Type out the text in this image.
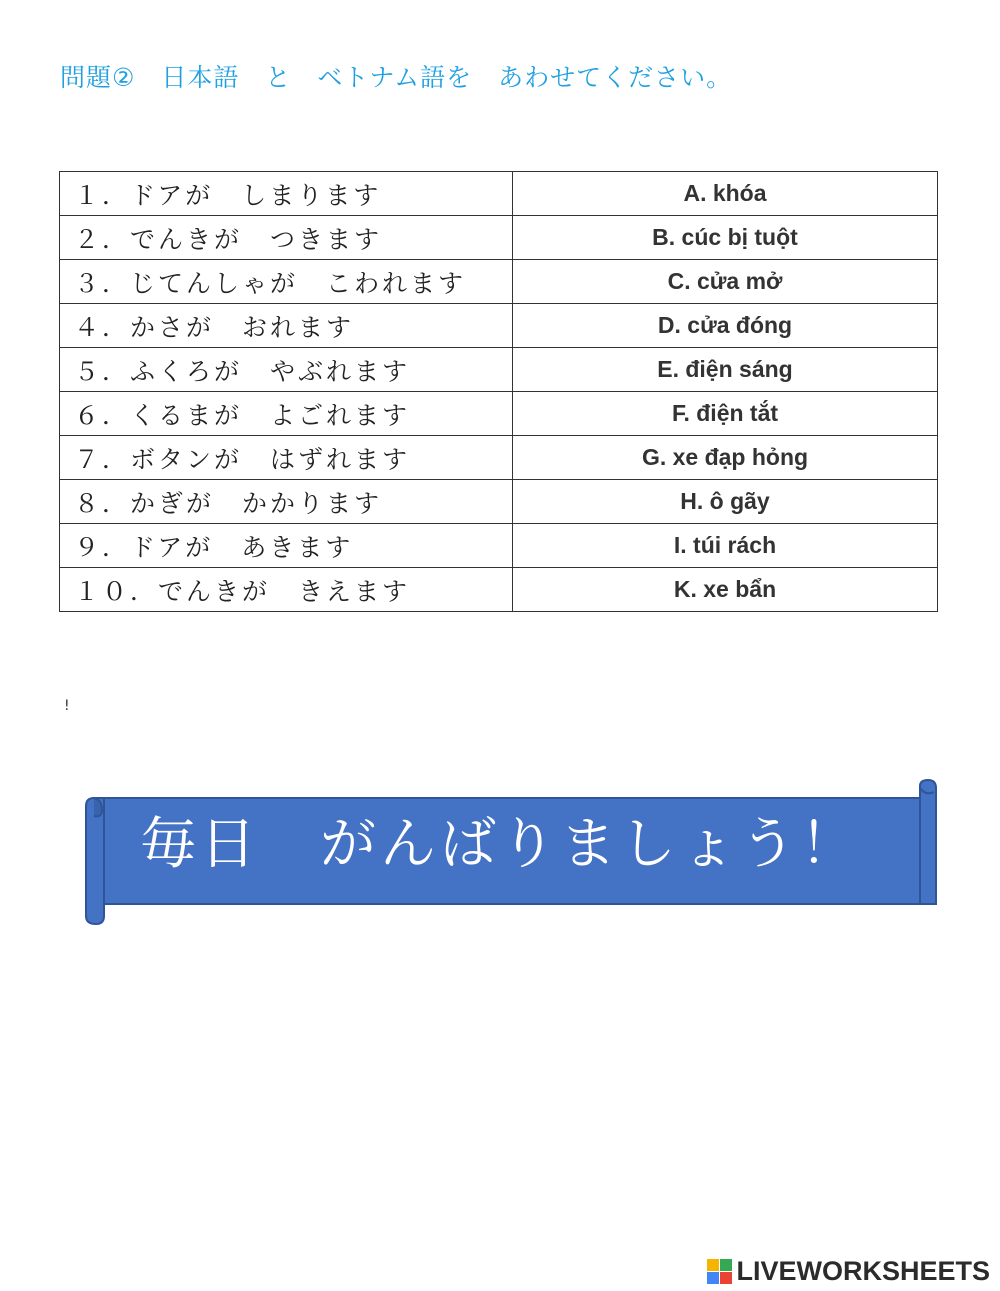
問題②　日本語　と　ベトナム語を　あわせてください。
１．ドアが　しまります	A. khóa
２．でんきが　つきます	B. cúc bị tuột
３．じてんしゃが　こわれます	C. cửa mở
４．かさが　おれます	D. cửa đóng
５．ふくろが　やぶれます	E. điện sáng
６．くるまが　よごれます	F. điện tắt
７．ボタンが　はずれます	G. xe đạp hỏng
８．かぎが　かかります	H. ô gãy
９．ドアが　あきます	I. túi rách
１０．でんきが　きえます	K. xe bẩn
!
毎日　がんばりましょう！
LIVEWORKSHEETS
